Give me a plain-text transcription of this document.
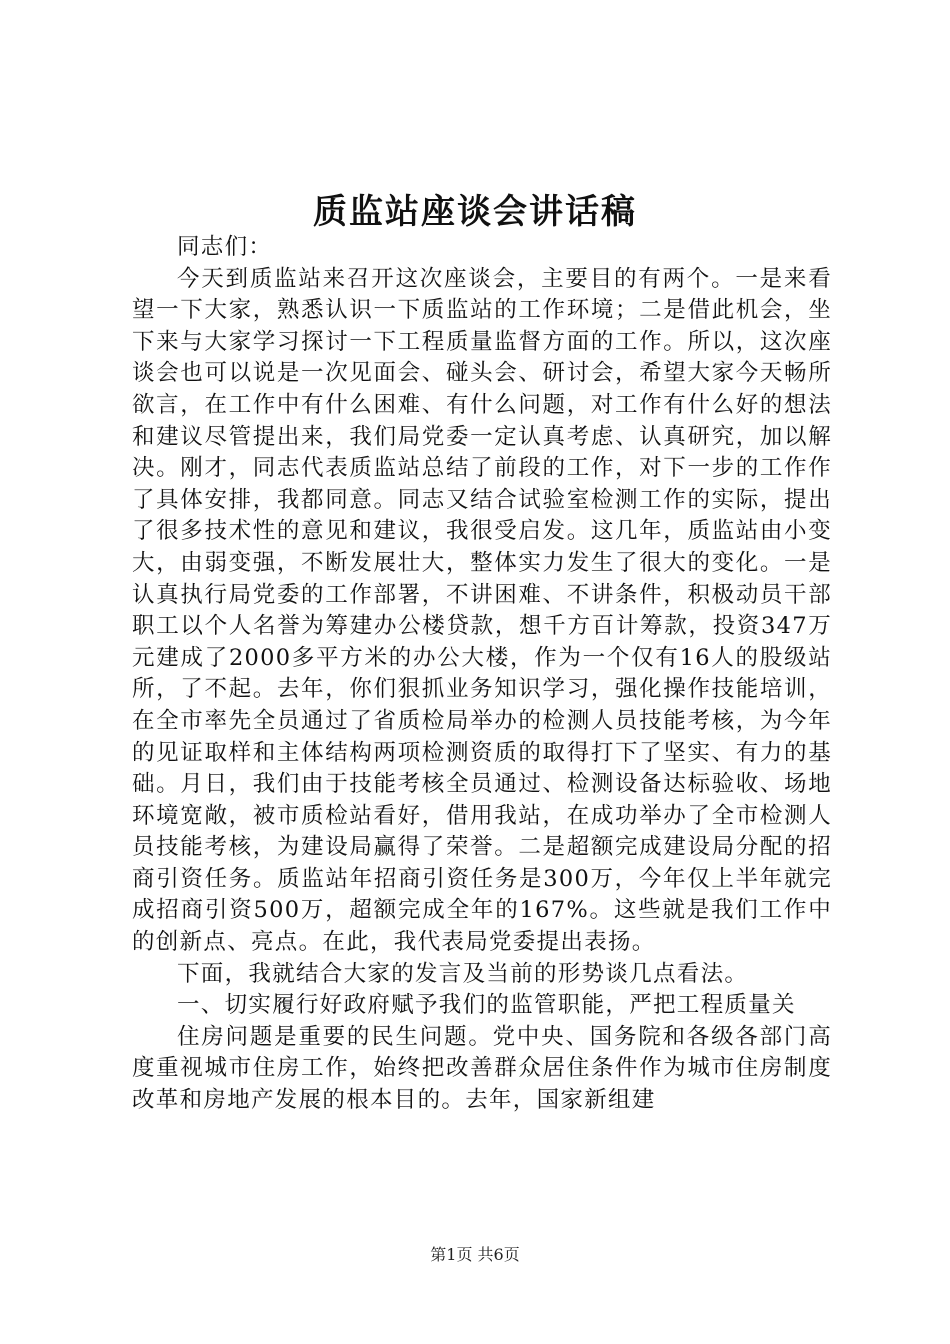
质监站座谈会讲话稿

同志们：

今天到质监站来召开这次座谈会，主要目的有两个。一是来看望一下大家，熟悉认识一下质监站的工作环境；二是借此机会，坐下来与大家学习探讨一下工程质量监督方面的工作。所以，这次座谈会也可以说是一次见面会、碰头会、研讨会，希望大家今天畅所欲言，在工作中有什么困难、有什么问题，对工作有什么好的想法和建议尽管提出来，我们局党委一定认真考虑、认真研究，加以解决。刚才，同志代表质监站总结了前段的工作，对下一步的工作作了具体安排，我都同意。同志又结合试验室检测工作的实际，提出了很多技术性的意见和建议，我很受启发。这几年，质监站由小变大，由弱变强，不断发展壮大，整体实力发生了很大的变化。一是认真执行局党委的工作部署，不讲困难、不讲条件，积极动员干部职工以个人名誉为筹建办公楼贷款，想千方百计筹款，投资347万元建成了2000多平方米的办公大楼，作为一个仅有16人的股级站所，了不起。去年，你们狠抓业务知识学习，强化操作技能培训，在全市率先全员通过了省质检局举办的检测人员技能考核，为今年的见证取样和主体结构两项检测资质的取得打下了坚实、有力的基础。月日，我们由于技能考核全员通过、检测设备达标验收、场地环境宽敞，被市质检站看好，借用我站，在成功举办了全市检测人员技能考核，为建设局赢得了荣誉。二是超额完成建设局分配的招商引资任务。质监站年招商引资任务是300万，今年仅上半年就完成招商引资500万，超额完成全年的167%。这些就是我们工作中的创新点、亮点。在此，我代表局党委提出表扬。

下面，我就结合大家的发言及当前的形势谈几点看法。

一、切实履行好政府赋予我们的监管职能，严把工程质量关

住房问题是重要的民生问题。党中央、国务院和各级各部门高度重视城市住房工作，始终把改善群众居住条件作为城市住房制度改革和房地产发展的根本目的。去年，国家新组建

第1页 共6页
